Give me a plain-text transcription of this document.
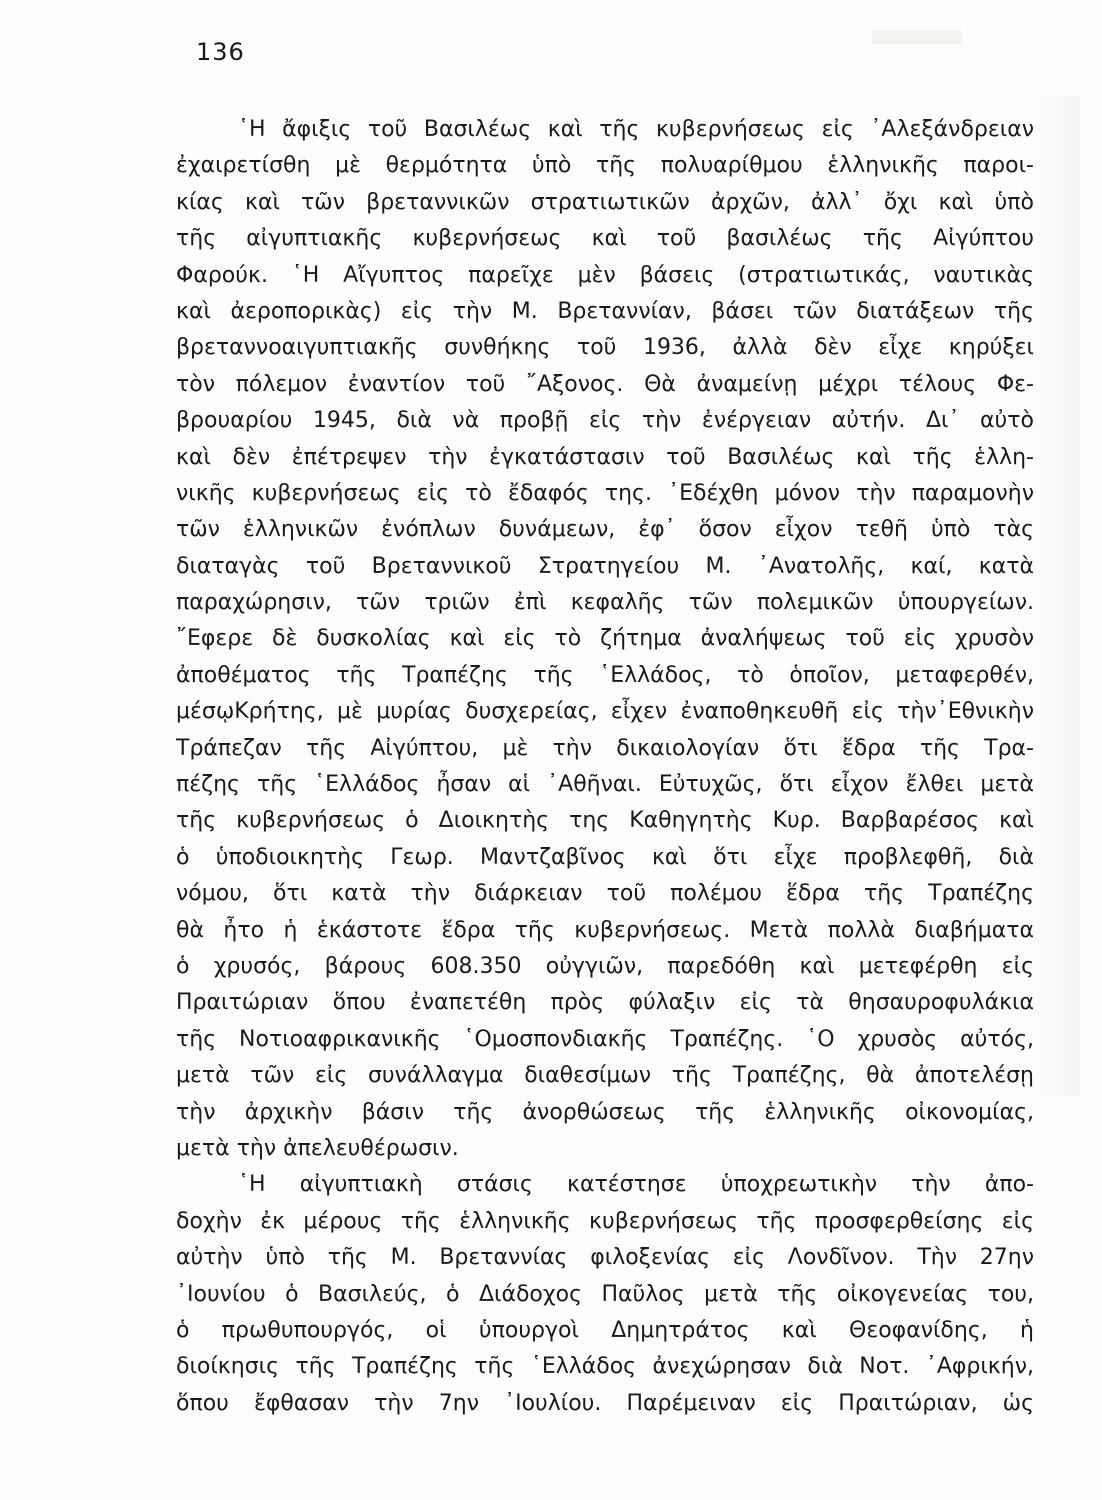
136
῾Η ἄφιξις τοῦ Βασιλέως καὶ τῆς κυβερνήσεως εἰς ᾿Αλεξάνδρειαν
ἐχαιρετίσθη μὲ θερμότητα ὑπὸ τῆς πολυαρίθμου ἑλληνικῆς παροι-
κίας καὶ τῶν βρεταννικῶν στρατιωτικῶν ἀρχῶν, ἀλλ᾿ ὄχι καὶ ὑπὸ
τῆς αἰγυπτιακῆς κυβερνήσεως καὶ τοῦ βασιλέως τῆς Αἰγύπτου
Φαρούκ. ῾Η Αἴγυπτος παρεῖχε μὲν βάσεις (στρατιωτικάς, ναυτικὰς
καὶ ἀεροπορικὰς) εἰς τὴν Μ. Βρεταννίαν, βάσει τῶν διατάξεων τῆς
βρεταννοαιγυπτιακῆς συνθήκης τοῦ 1936, ἀλλὰ δὲν εἶχε κηρύξει
τὸν πόλεμον ἐναντίον τοῦ ῎Αξονος. Θὰ ἀναμείνῃ μέχρι τέλους Φε-
βρουαρίου 1945, διὰ νὰ προβῇ εἰς τὴν ἐνέργειαν αὐτήν. Δι᾿ αὐτὸ
καὶ δὲν ἐπέτρεψεν τὴν ἐγκατάστασιν τοῦ Βασιλέως καὶ τῆς ἑλλη-
νικῆς κυβερνήσεως εἰς τὸ ἔδαφός της. ᾿Εδέχθη μόνον τὴν παραμονὴν
τῶν ἑλληνικῶν ἐνόπλων δυνάμεων, ἐφ᾿ ὅσον εἶχον τεθῆ ὑπὸ τὰς
διαταγὰς τοῦ Βρεταννικοῦ Στρατηγείου Μ. ᾿Ανατολῆς, καί, κατὰ
παραχώρησιν, τῶν τριῶν ἐπὶ κεφαλῆς τῶν πολεμικῶν ὑπουργείων.
῎Εφερε δὲ δυσκολίας καὶ εἰς τὸ ζήτημα ἀναλήψεως τοῦ εἰς χρυσὸν
ἀποθέματος τῆς Τραπέζης τῆς ῾Ελλάδος, τὸ ὁποῖον, μεταφερθέν,
μέσῳΚρήτης, μὲ μυρίας δυσχερείας, εἶχεν ἐναποθηκευθῆ εἰς τὴν᾿Εθνικὴν
Τράπεζαν τῆς Αἰγύπτου, μὲ τὴν δικαιολογίαν ὅτι ἕδρα τῆς Τρα-
πέζης τῆς ῾Ελλάδος ἦσαν αἱ ᾿Αθῆναι. Εὐτυχῶς, ὅτι εἶχον ἔλθει μετὰ
τῆς κυβερνήσεως ὁ Διοικητὴς της Καθηγητὴς Κυρ. Βαρβαρέσος καὶ
ὁ ὑποδιοικητὴς Γεωρ. Μαντζαβῖνος καὶ ὅτι εἶχε προβλεφθῆ, διὰ
νόμου, ὅτι κατὰ τὴν διάρκειαν τοῦ πολέμου ἕδρα τῆς Τραπέζης
θὰ ἦτο ἡ ἑκάστοτε ἕδρα τῆς κυβερνήσεως. Μετὰ πολλὰ διαβήματα
ὁ χρυσός, βάρους 608.350 οὐγγιῶν, παρεδόθη καὶ μετεφέρθη εἰς
Πραιτώριαν ὅπου ἐναπετέθη πρὸς φύλαξιν εἰς τὰ θησαυροφυλάκια
τῆς Νοτιοαφρικανικῆς ῾Ομοσπονδιακῆς Τραπέζης. ῾Ο χρυσὸς αὐτός,
μετὰ τῶν εἰς συνάλλαγμα διαθεσίμων τῆς Τραπέζης, θὰ ἀποτελέσῃ
τὴν ἀρχικὴν βάσιν τῆς ἀνορθώσεως τῆς ἑλληνικῆς οἰκονομίας,
μετὰ τὴν ἀπελευθέρωσιν.
῾Η αἰγυπτιακὴ στάσις κατέστησε ὑποχρεωτικὴν τὴν ἀπο-
δοχὴν ἐκ μέρους τῆς ἑλληνικῆς κυβερνήσεως τῆς προσφερθείσης εἰς
αὐτὴν ὑπὸ τῆς Μ. Βρεταννίας φιλοξενίας εἰς Λονδῖνον. Τὴν 27ην
᾿Ιουνίου ὁ Βασιλεύς, ὁ Διάδοχος Παῦλος μετὰ τῆς οἰκογενείας του,
ὁ πρωθυπουργός, οἱ ὑπουργοὶ Δημητράτος καὶ Θεοφανίδης, ἡ
διοίκησις τῆς Τραπέζης τῆς ῾Ελλάδος ἀνεχώρησαν διὰ Νοτ. ᾿Αφρικήν,
ὅπου ἔφθασαν τὴν 7ην ᾿Ιουλίου. Παρέμειναν εἰς Πραιτώριαν, ὡς
